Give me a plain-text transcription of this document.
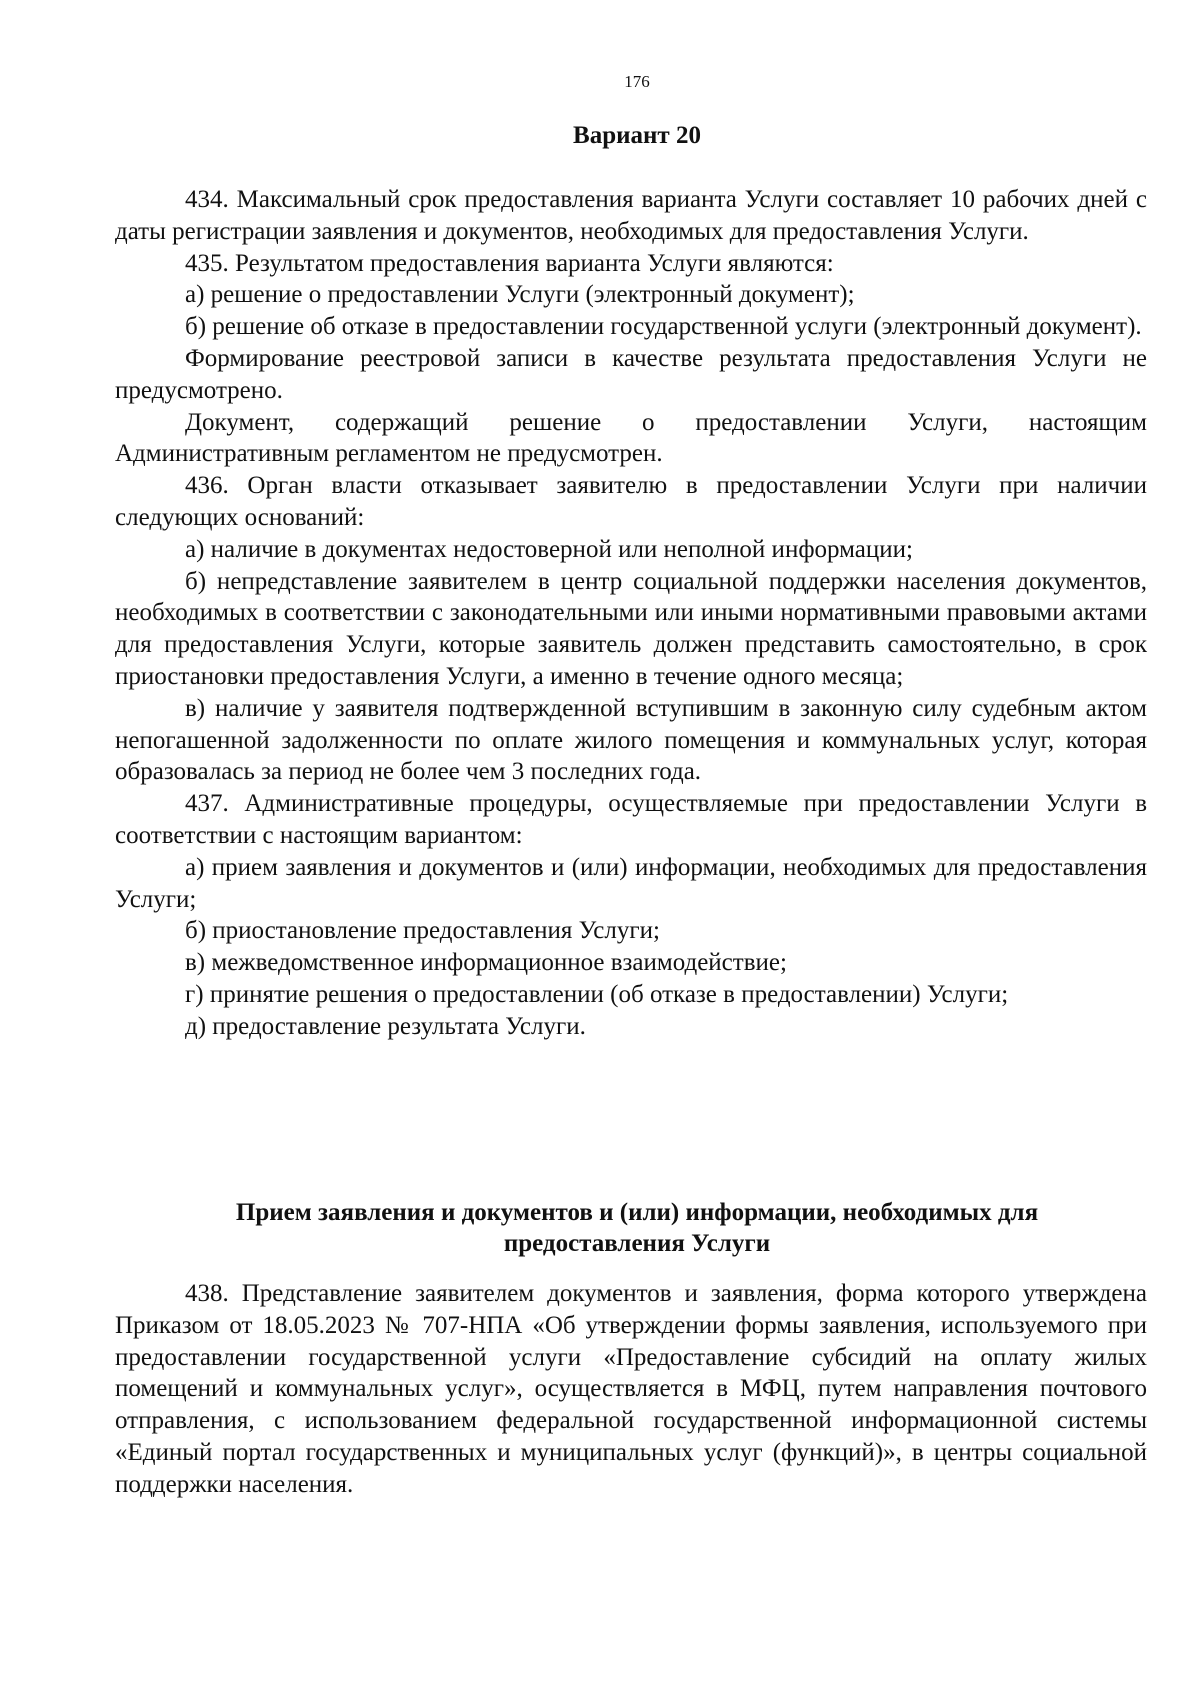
176
Вариант 20

434. Максимальный срок предоставления варианта Услуги составляет 10 рабочих дней с даты регистрации заявления и документов, необходимых для предоставления Услуги.

435. Результатом предоставления варианта Услуги являются:

а) решение о предоставлении Услуги (электронный документ);

б) решение об отказе в предоставлении государственной услуги (электронный документ).

Формирование реестровой записи в качестве результата предоставления Услуги не предусмотрено.

Документ, содержащий решение о предоставлении Услуги, настоящим Административным регламентом не предусмотрен.

436. Орган власти отказывает заявителю в предоставлении Услуги при наличии следующих оснований:

а) наличие в документах недостоверной или неполной информации;

б) непредставление заявителем в центр социальной поддержки населения документов, необходимых в соответствии с законодательными или иными нормативными правовыми актами для предоставления Услуги, которые заявитель должен представить самостоятельно, в срок приостановки предоставления Услуги, а именно в течение одного месяца;

в) наличие у заявителя подтвержденной вступившим в законную силу судебным актом непогашенной задолженности по оплате жилого помещения и коммунальных услуг, которая образовалась за период не более чем 3 последних года.

437. Административные процедуры, осуществляемые при предоставлении Услуги в соответствии с настоящим вариантом:

а) прием заявления и документов и (или) информации, необходимых для предоставления Услуги;

б) приостановление предоставления Услуги;

в) межведомственное информационное взаимодействие;

г) принятие решения о предоставлении (об отказе в предоставлении) Услуги;

д) предоставление результата Услуги.

Прием заявления и документов и (или) информации, необходимых для
предоставления Услуги

438. Представление заявителем документов и заявления, форма которого утверждена Приказом от 18.05.2023 № 707-НПА «Об утверждении формы заявления, используемого при предоставлении государственной услуги «Предоставление субсидий на оплату жилых помещений и коммунальных услуг», осуществляется в МФЦ, путем направления почтового отправления, с использованием федеральной государственной информационной системы «Единый портал государственных и муниципальных услуг (функций)», в центры социальной поддержки населения.
